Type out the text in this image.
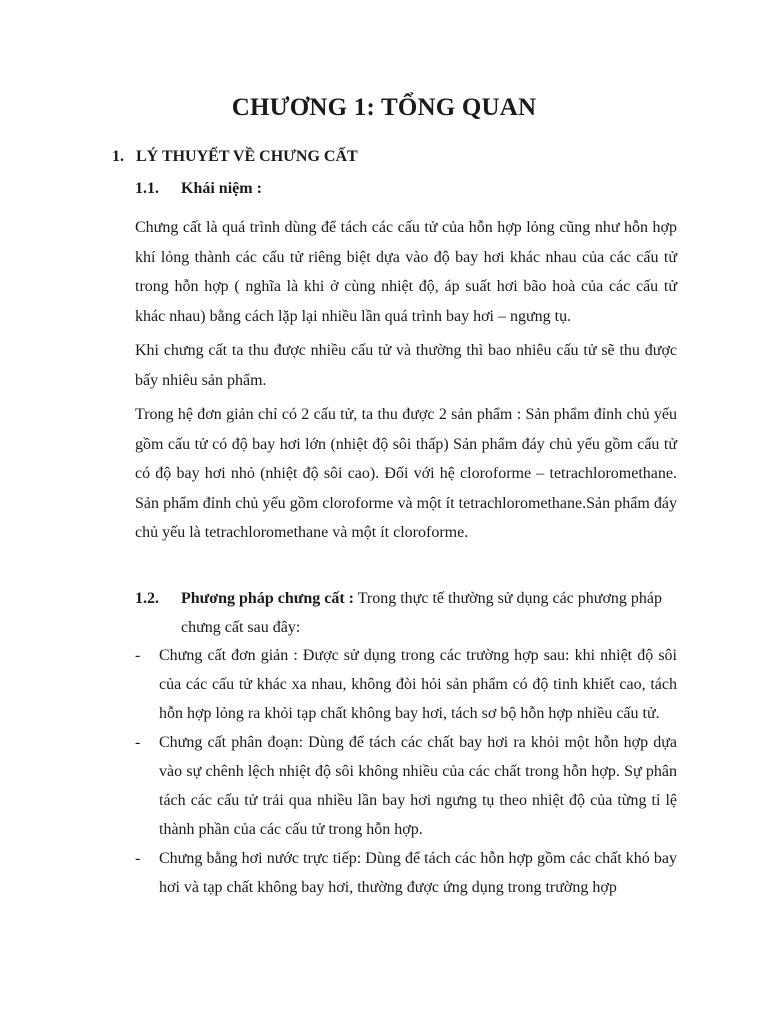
CHƯƠNG 1: TỔNG QUAN
1. LÝ THUYẾT VỀ CHƯNG CẤT
1.1. Khái niệm :

Chưng cất là quá trình dùng để tách các cấu tử của hỗn hợp lỏng cũng như hỗn hợp khí lỏng thành các cấu tử riêng biệt dựa vào độ bay hơi khác nhau của các cấu tử trong hỗn hợp ( nghĩa là khi ở cùng nhiệt độ, áp suất hơi bão hoà của các cấu tử khác nhau) bằng cách lặp lại nhiều lần quá trình bay hơi – ngưng tụ.

Khi chưng cất ta thu được nhiều cấu tử và thường thì bao nhiêu cấu tử sẽ thu được bấy nhiêu sản phẩm.

Trong hệ đơn giản chỉ có 2 cấu tử, ta thu được 2 sản phẩm : Sản phẩm đỉnh chủ yếu gồm cấu tử có độ bay hơi lớn (nhiệt độ sôi thấp) Sản phẩm đáy chủ yếu gồm cấu tử có độ bay hơi nhỏ (nhiệt độ sôi cao). Đối với hệ cloroforme – tetrachloromethane. Sản phẩm đỉnh chủ yếu gồm cloroforme và một ít tetrachloromethane.Sản phẩm đáy chủ yếu là tetrachloromethane và một ít cloroforme.

1.2. Phương pháp chưng cất : Trong thực tế thường sử dụng các phương pháp
chưng cất sau đây:
- Chưng cất đơn giản : Được sử dụng trong các trường hợp sau: khi nhiệt độ sôi của các cấu tử khác xa nhau, không đòi hỏi sản phẩm có độ tinh khiết cao, tách hỗn hợp lỏng ra khỏi tạp chất không bay hơi, tách sơ bộ hỗn hợp nhiều cấu tử.
- Chưng cất phân đoạn: Dùng để tách các chất bay hơi ra khỏi một hỗn hợp dựa vào sự chênh lệch nhiệt độ sôi không nhiều của các chất trong hỗn hợp. Sự phân tách các cấu tử trải qua nhiều lần bay hơi ngưng tụ theo nhiệt độ của từng tỉ lệ thành phần của các cấu tử trong hỗn hợp.
- Chưng bằng hơi nước trực tiếp: Dùng để tách các hỗn hợp gồm các chất khó bay hơi và tạp chất không bay hơi, thường được ứng dụng trong trường hợp
